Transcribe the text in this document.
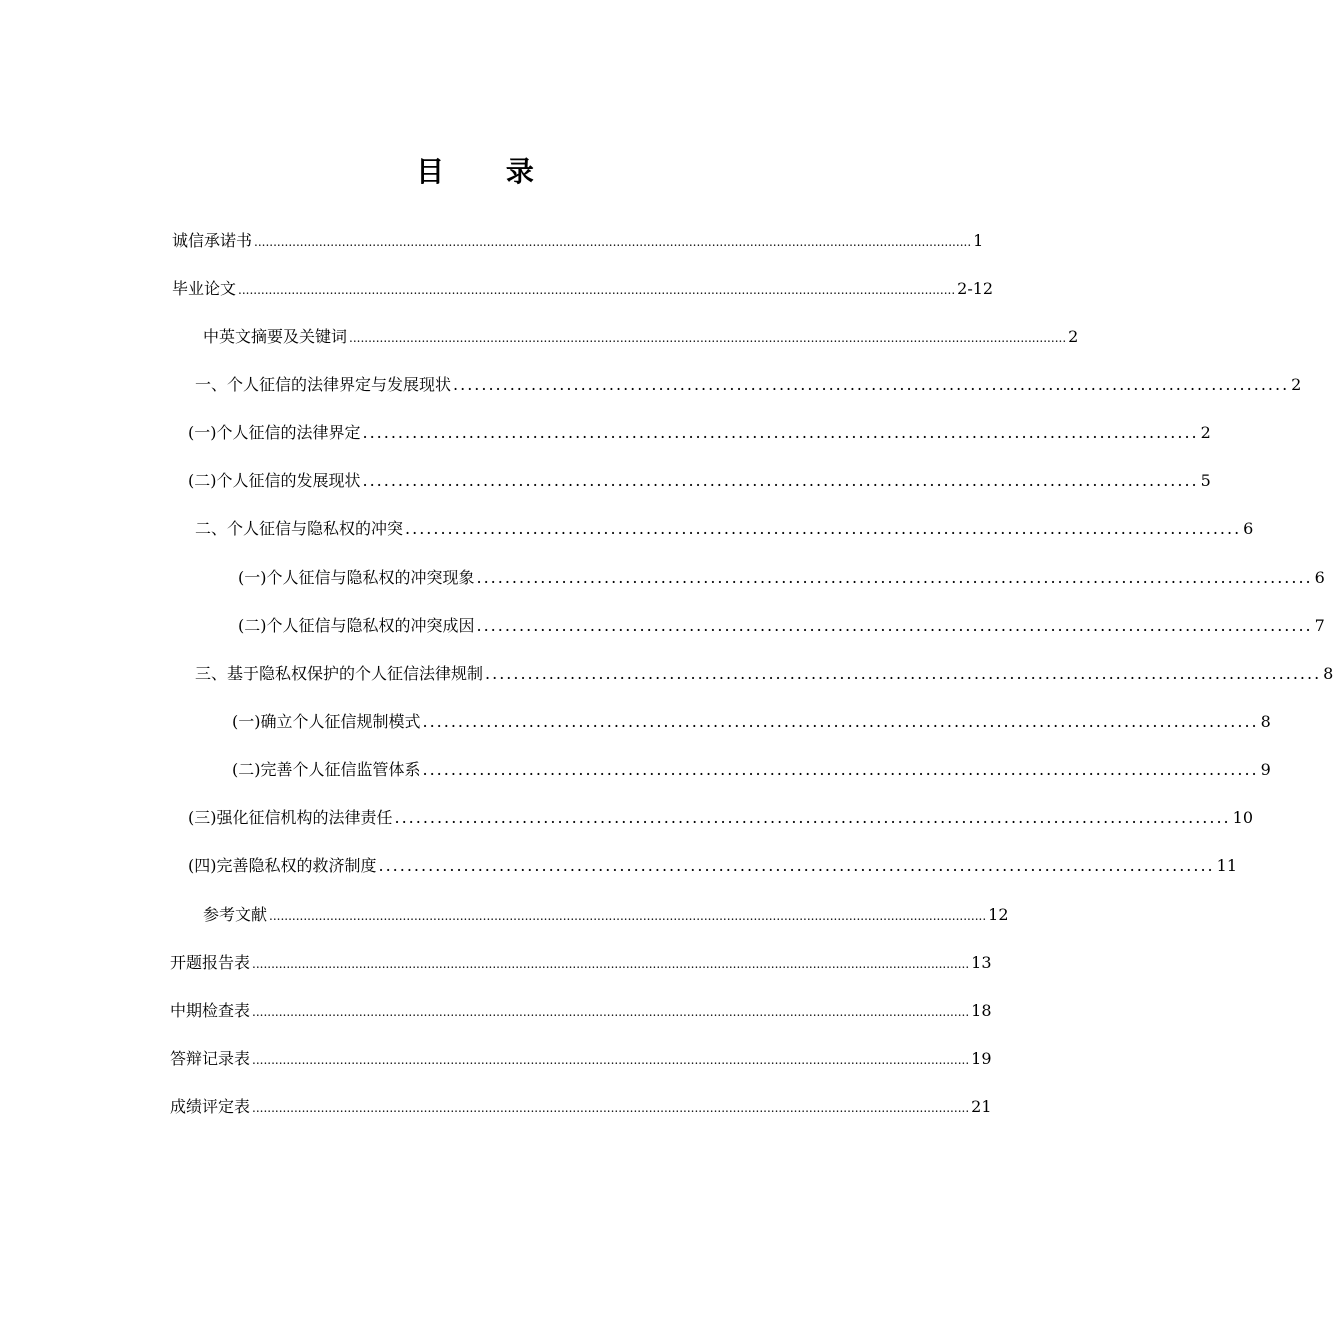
目 录
诚信承诺书 ............................................................................................................................................................................................ 1
毕业论文 ............................................................................................................................................................................................ 2-12
中英文摘要及关键词 ............................................................................................................................................................................................ 2
一、个人征信的法律界定与发展现状 ...................................................................................................................... 2
(一)个人征信的法律界定 ...................................................................................................................... 2
(二)个人征信的发展现状 ...................................................................................................................... 5
二、个人征信与隐私权的冲突 ...................................................................................................................... 6
(一)个人征信与隐私权的冲突现象 ...................................................................................................................... 6
(二)个人征信与隐私权的冲突成因 ...................................................................................................................... 7
三、基于隐私权保护的个人征信法律规制 ...................................................................................................................... 8
(一)确立个人征信规制模式 ...................................................................................................................... 8
(二)完善个人征信监管体系 ...................................................................................................................... 9
(三)强化征信机构的法律责任 ...................................................................................................................... 10
(四)完善隐私权的救济制度 ...................................................................................................................... 11
参考文献 ............................................................................................................................................................................................ 12
开题报告表 ............................................................................................................................................................................................ 13
中期检查表 ............................................................................................................................................................................................ 18
答辩记录表 ............................................................................................................................................................................................ 19
成绩评定表 ............................................................................................................................................................................................ 21
